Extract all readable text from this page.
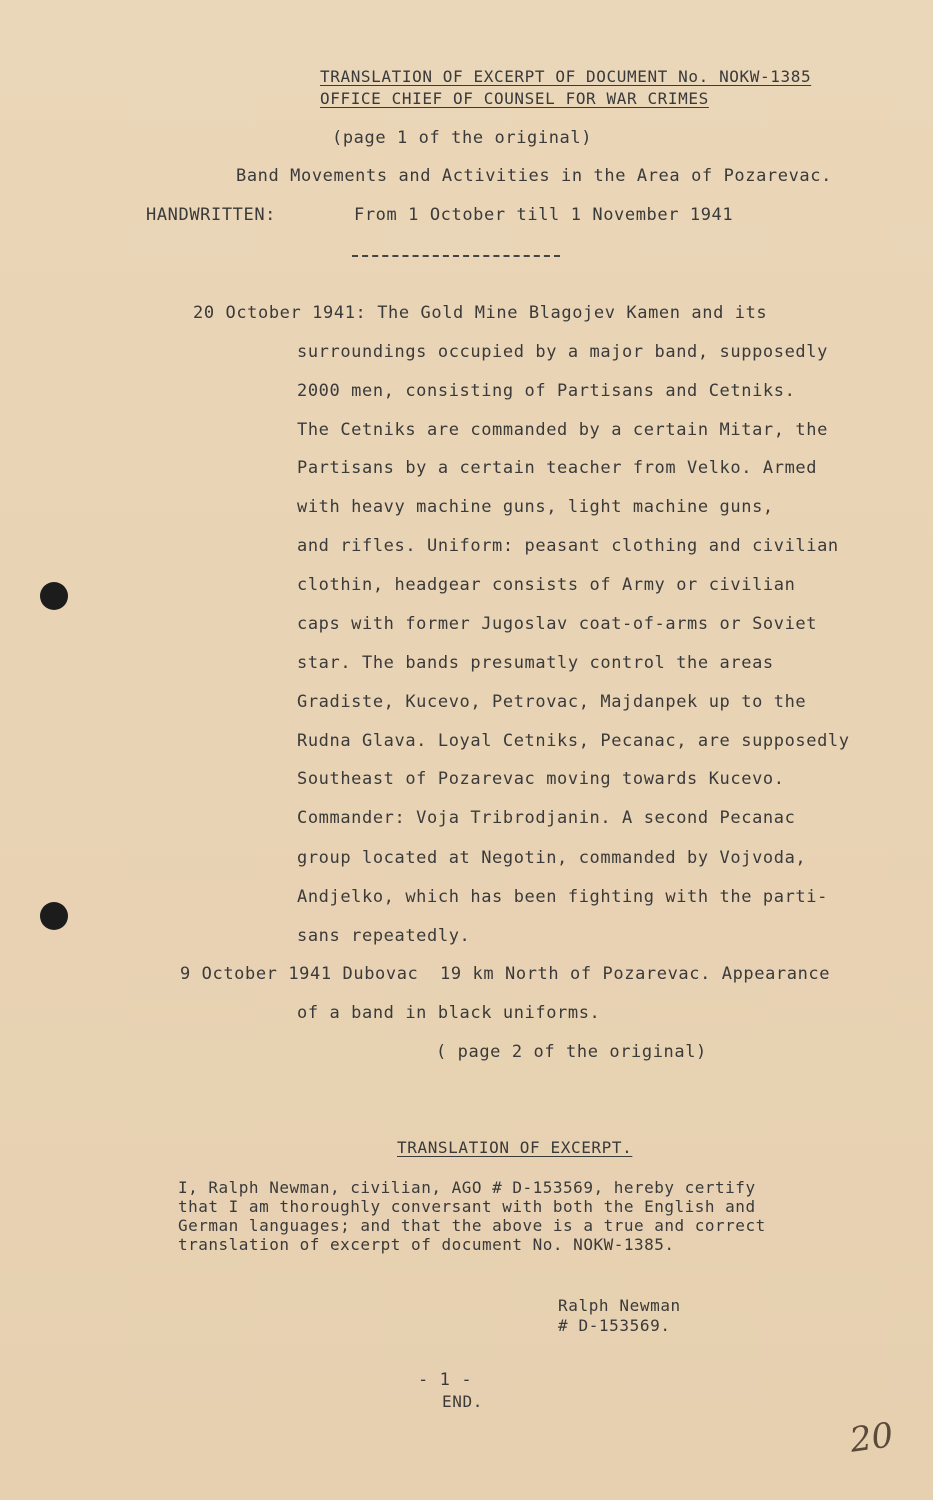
TRANSLATION OF EXCERPT OF DOCUMENT No. NOKW-1385
OFFICE CHIEF OF COUNSEL FOR WAR CRIMES
(page 1 of the original)
Band Movements and Activities in the Area of Pozarevac.
HANDWRITTEN:	From 1 October till 1 November 1941
20 October 1941: The Gold Mine Blagojev Kamen and its
surroundings occupied by a major band, supposedly
2000 men, consisting of Partisans and Cetniks.
The Cetniks are commanded by a certain Mitar, the
Partisans by a certain teacher from Velko. Armed
with heavy machine guns, light machine guns,
and rifles. Uniform: peasant clothing and civilian
clothin, headgear consists of Army or civilian
caps with former Jugoslav coat-of-arms or Soviet
star. The bands presumatly control the areas
Gradiste, Kucevo, Petrovac, Majdanpek up to the
Rudna Glava. Loyal Cetniks, Pecanac, are supposedly
Southeast of Pozarevac moving towards Kucevo.
Commander: Voja Tribrodjanin. A second Pecanac
group located at Negotin, commanded by Vojvoda,
Andjelko, which has been fighting with the parti-
sans repeatedly.
9 October 1941 Dubovac  19 km North of Pozarevac. Appearance
of a band in black uniforms.
( page 2 of the original)
TRANSLATION OF EXCERPT.
I, Ralph Newman, civilian, AGO # D-153569, hereby certify
that I am thoroughly conversant with both the English and
German languages; and that the above is a true and correct
translation of excerpt of document No. NOKW-1385.
Ralph Newman
# D-153569.
- 1 -
END.
20
